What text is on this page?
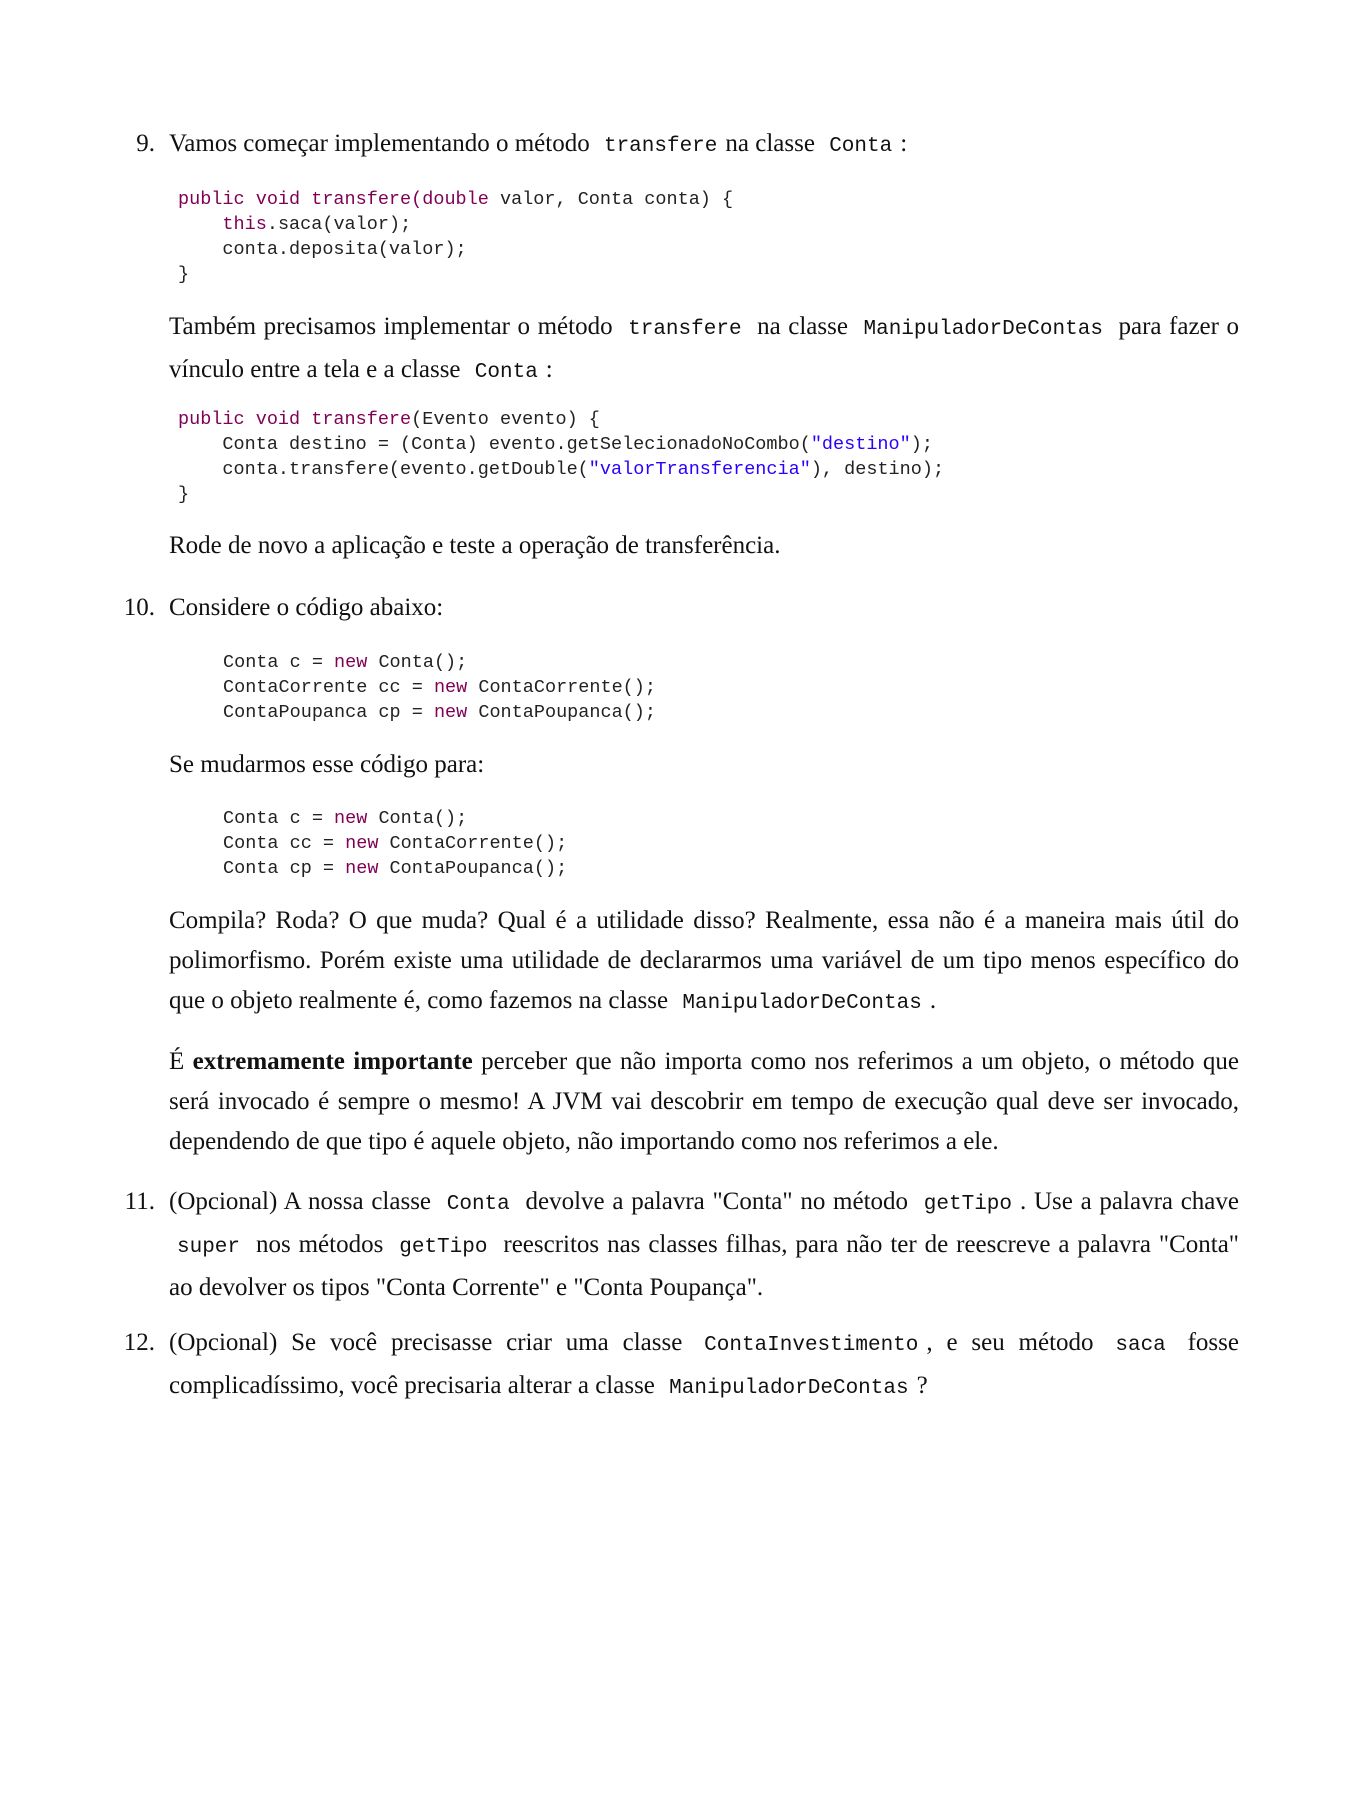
9. Vamos começar implementando o método transfere na classe Conta :
public void transfere(double valor, Conta conta) {
this.saca(valor);
conta.deposita(valor);
}
Também precisamos implementar o método transfere na classe ManipuladorDeContas para fazer o vínculo entre a tela e a classe Conta :
public void transfere(Evento evento) {
Conta destino = (Conta) evento.getSelecionadoNoCombo("destino");
conta.transfere(evento.getDouble("valorTransferencia"), destino);
}
Rode de novo a aplicação e teste a operação de transferência.
10. Considere o código abaixo:
Conta c = new Conta();
ContaCorrente cc = new ContaCorrente();
ContaPoupanca cp = new ContaPoupanca();
Se mudarmos esse código para:
Conta c = new Conta();
Conta cc = new ContaCorrente();
Conta cp = new ContaPoupanca();
Compila? Roda? O que muda? Qual é a utilidade disso? Realmente, essa não é a maneira mais útil do polimorfismo. Porém existe uma utilidade de declararmos uma variável de um tipo menos específico do que o objeto realmente é, como fazemos na classe ManipuladorDeContas .
É extremamente importante perceber que não importa como nos referimos a um objeto, o método que será invocado é sempre o mesmo! A JVM vai descobrir em tempo de execução qual deve ser invocado, dependendo de que tipo é aquele objeto, não importando como nos referimos a ele.
11. (Opcional) A nossa classe Conta devolve a palavra "Conta" no método getTipo . Use a palavra chave super nos métodos getTipo reescritos nas classes filhas, para não ter de reescreve a palavra "Conta" ao devolver os tipos "Conta Corrente" e "Conta Poupança".
12. (Opcional) Se você precisasse criar uma classe ContaInvestimento , e seu método saca fosse complicadíssimo, você precisaria alterar a classe ManipuladorDeContas ?
